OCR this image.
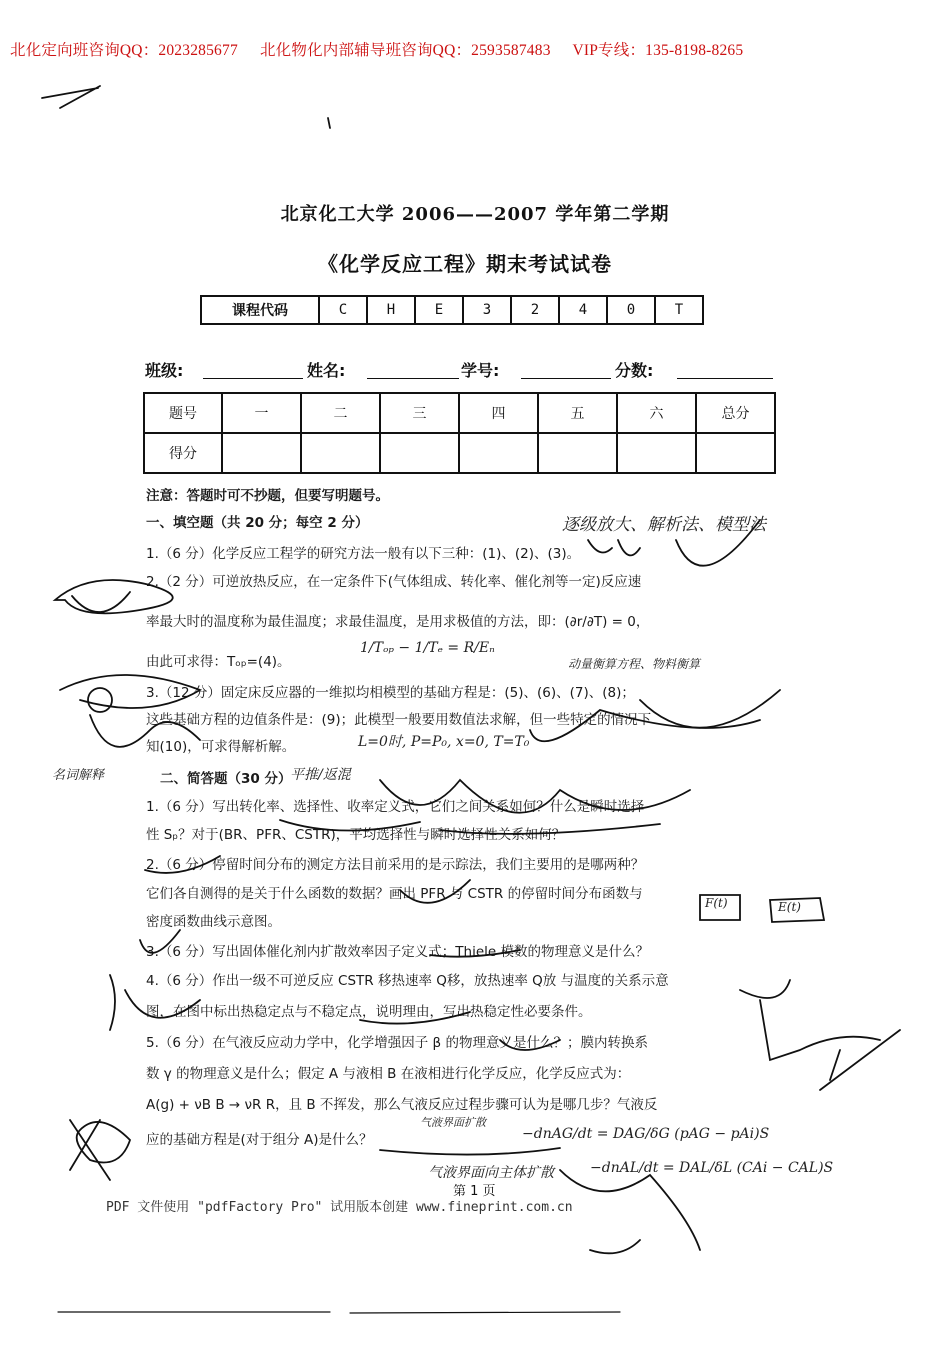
北化定向班咨询QQ：2023285677 北化物化内部辅导班咨询QQ：2593587483 VIP专线：135-8198-8265
北京化工大学 2006——2007 学年第二学期
《化学反应工程》期末考试试卷
课程代码	C	H	E	3	2	4	0	T
班级:	姓名:	学号:	分数:
题号	一	二	三	四	五	六	总分
得分							
注意：答题时可不抄题，但要写明题号。
一、填空题（共 20 分；每空 2 分）
1.（6 分）化学反应工程学的研究方法一般有以下三种：(1)、(2)、(3)。
2.（2 分）可逆放热反应，在一定条件下(气体组成、转化率、催化剂等一定)反应速
率最大时的温度称为最佳温度；求最佳温度，是用求极值的方法，即：(∂r/∂T) = 0，
由此可求得：Tₒₚ=(4)。
3.（12 分）固定床反应器的一维拟均相模型的基础方程是：(5)、(6)、(7)、(8)；
这些基础方程的边值条件是：(9)；此模型一般要用数值法求解，但一些特定的情况下
知(10)，可求得解析解。
二、简答题（30 分）
1.（6 分）写出转化率、选择性、收率定义式，它们之间关系如何？什么是瞬时选择
性 Sₚ？对于(BR、PFR、CSTR)，平均选择性与瞬时选择性关系如何？
2.（6 分）停留时间分布的测定方法目前采用的是示踪法，我们主要用的是哪两种？
它们各自测得的是关于什么函数的数据？画出 PFR 与 CSTR 的停留时间分布函数与
密度函数曲线示意图。
3.（6 分）写出固体催化剂内扩散效率因子定义式；Thiele 模数的物理意义是什么？
4.（6 分）作出一级不可逆反应 CSTR 移热速率 Q移，放热速率 Q放 与温度的关系示意
图，在图中标出热稳定点与不稳定点，说明理由，写出热稳定性必要条件。
5.（6 分）在气液反应动力学中，化学增强因子 β 的物理意义是什么？；膜内转换系
数 γ 的物理意义是什么；假定 A 与液相 B 在液相进行化学反应，化学反应式为：
A(g) + νB B → νR R，且 B 不挥发，那么气液反应过程步骤可认为是哪几步？气液反
应的基础方程是(对于组分 A)是什么？
逐级放大、解析法、模型法
1/Tₒₚ − 1/Tₑ = R/Eₙ
动量衡算方程、物料衡算
L=0时, P=P₀, x=0, T=T₀
名词解释	平推/返混
F(t)	E(t)
气液界面扩散
−dnAG/dt = DAG/δG (pAG − pAi)S
气液界面向主体扩散	−dnAL/dt = DAL/δL (CAi − CAL)S
第 1 页
PDF 文件使用 "pdfFactory Pro" 试用版本创建 www.fineprint.com.cn
